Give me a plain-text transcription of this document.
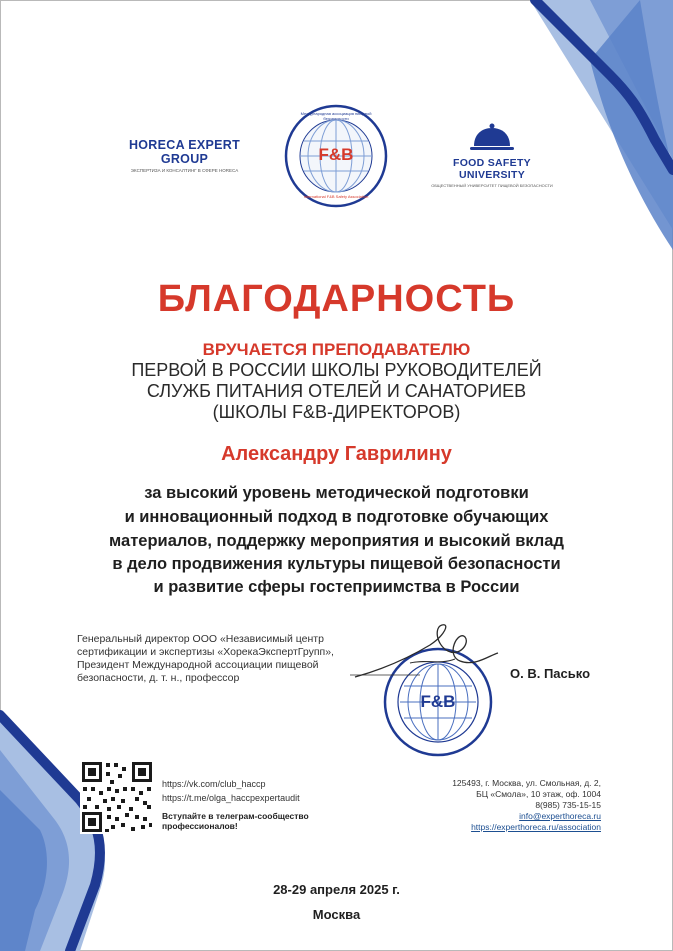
HORECA EXPERT GROUP
ЭКСПЕРТИЗА И КОНСАЛТИНГ В СФЕРЕ HORECA
F&B
Международная ассоциация пищевой безопасности
International F&B Safety Association
FOOD SAFETY UNIVERSITY
ОБЩЕСТВЕННЫЙ УНИВЕРСИТЕТ ПИЩЕВОЙ БЕЗОПАСНОСТИ
БЛАГОДАРНОСТЬ
ВРУЧАЕТСЯ ПРЕПОДАВАТЕЛЮ
ПЕРВОЙ В РОССИИ ШКОЛЫ РУКОВОДИТЕЛЕЙ
СЛУЖБ ПИТАНИЯ ОТЕЛЕЙ И САНАТОРИЕВ
(ШКОЛЫ F&B-ДИРЕКТОРОВ)
Александру Гаврилину
за высокий уровень методической подготовки
и инновационный подход в подготовке обучающих
материалов, поддержку мероприятия и высокий вклад
в дело продвижения культуры пищевой безопасности
и развитие сферы гостеприимства в России
Генеральный директор ООО «Независимый центр
сертификации и экспертизы «ХорекаЭкспертГрупп»,
Президент Международной ассоциации пищевой
безопасности, д. т. н., профессор
F&B
О. В. Пасько
https://vk.com/club_haccp
https://t.me/olga_haccpexpertaudit
Вступайте в телеграм-сообщество
профессионалов!
125493, г. Москва, ул. Смольная, д. 2,
БЦ «Смола», 10 этаж, оф. 1004
8(985) 735-15-15
info@experthoreca.ru
https://experthoreca.ru/association
28-29 апреля 2025 г.
Москва
